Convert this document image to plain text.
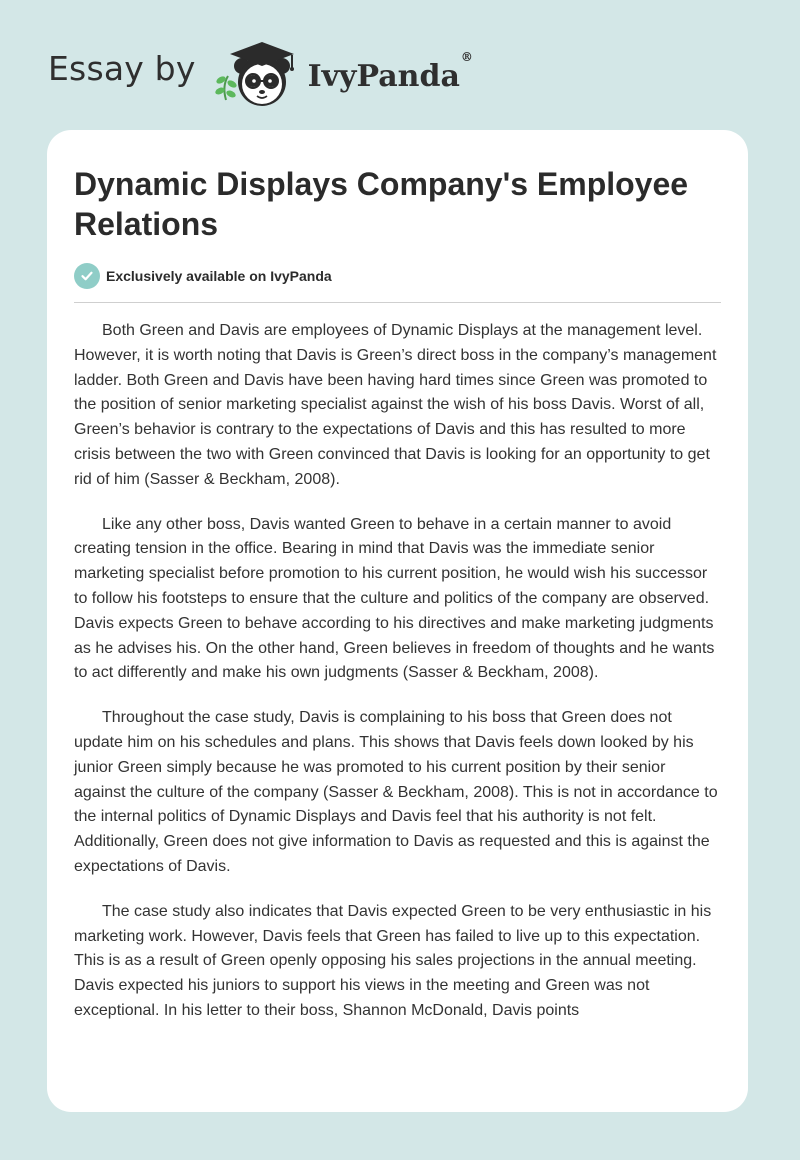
Essay by	IvyPanda®
Dynamic Displays Company's Employee Relations
Exclusively available on IvyPanda

Both Green and Davis are employees of Dynamic Displays at the management level. However, it is worth noting that Davis is Green’s direct boss in the company’s management ladder. Both Green and Davis have been having hard times since Green was promoted to the position of senior marketing specialist against the wish of his boss Davis. Worst of all, Green’s behavior is contrary to the expectations of Davis and this has resulted to more crisis between the two with Green convinced that Davis is looking for an opportunity to get rid of him (Sasser & Beckham, 2008).

Like any other boss, Davis wanted Green to behave in a certain manner to avoid creating tension in the office. Bearing in mind that Davis was the immediate senior marketing specialist before promotion to his current position, he would wish his successor to follow his footsteps to ensure that the culture and politics of the company are observed. Davis expects Green to behave according to his directives and make marketing judgments as he advises his. On the other hand, Green believes in freedom of thoughts and he wants to act differently and make his own judgments (Sasser & Beckham, 2008).

Throughout the case study, Davis is complaining to his boss that Green does not update him on his schedules and plans. This shows that Davis feels down looked by his junior Green simply because he was promoted to his current position by their senior against the culture of the company (Sasser & Beckham, 2008). This is not in accordance to the internal politics of Dynamic Displays and Davis feel that his authority is not felt. Additionally, Green does not give information to Davis as requested and this is against the expectations of Davis.

The case study also indicates that Davis expected Green to be very enthusiastic in his marketing work. However, Davis feels that Green has failed to live up to this expectation. This is as a result of Green openly opposing his sales projections in the annual meeting. Davis expected his juniors to support his views in the meeting and Green was not exceptional. In his letter to their boss, Shannon McDonald, Davis points
